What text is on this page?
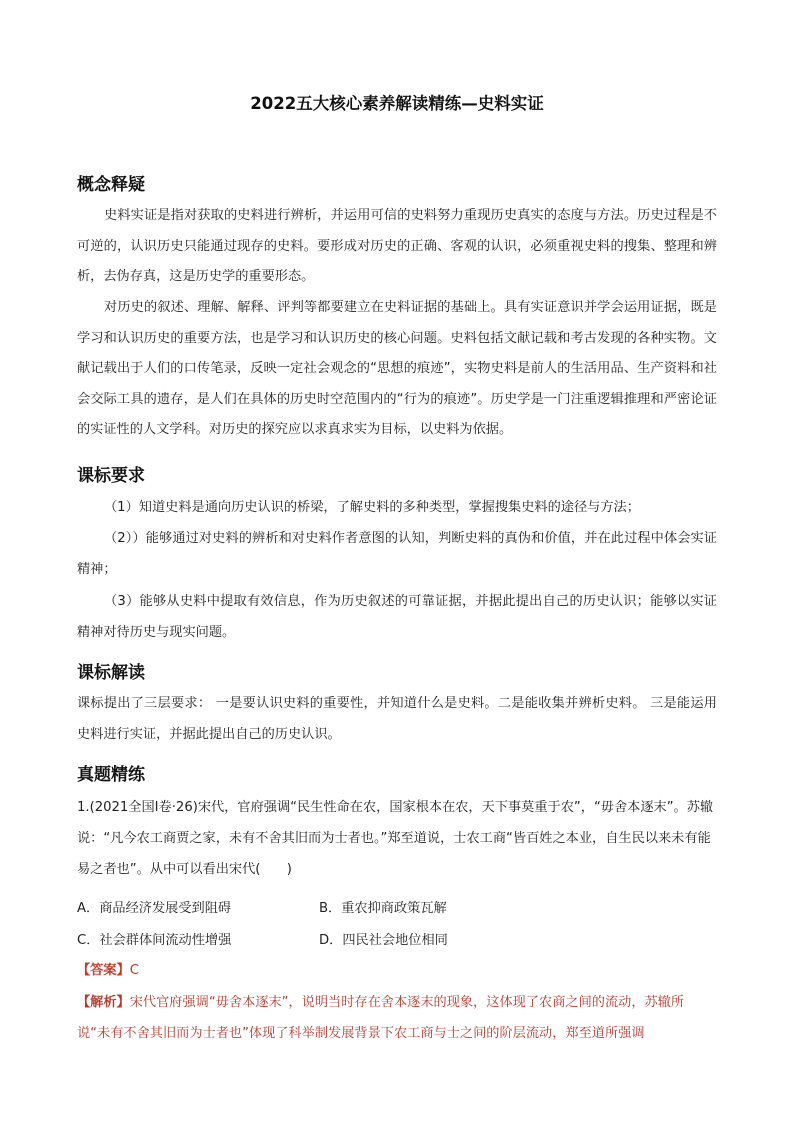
2022五大核心素养解读精练—史料实证
概念释疑

史料实证是指对获取的史料进行辨析，并运用可信的史料努力重现历史真实的态度与方法。历史过程是不可逆的，认识历史只能通过现存的史料。要形成对历史的正确、客观的认识，必须重视史料的搜集、整理和辨析，去伪存真，这是历史学的重要形态。

对历史的叙述、理解、解释、评判等都要建立在史料证据的基础上。具有实证意识并学会运用证据，既是学习和认识历史的重要方法，也是学习和认识历史的核心问题。史料包括文献记载和考古发现的各种实物。文献记载出于人们的口传笔录，反映一定社会观念的“思想的痕迹”，实物史料是前人的生活用品、生产资料和社会交际工具的遗存，是人们在具体的历史时空范围内的“行为的痕迹”。历史学是一门注重逻辑推理和严密论证的实证性的人文学科。对历史的探究应以求真求实为目标，以史料为依据。

课标要求

（1）知道史料是通向历史认识的桥梁，了解史料的多种类型，掌握搜集史料的途径与方法；

（2））能够通过对史料的辨析和对史料作者意图的认知，判断史料的真伪和价值，并在此过程中体会实证精神；

（3）能够从史料中提取有效信息，作为历史叙述的可靠证据，并据此提出自己的历史认识；能够以实证精神对待历史与现实问题。

课标解读

课标提出了三层要求： 一是要认识史料的重要性，并知道什么是史料。二是能收集并辨析史料。 三是能运用史料进行实证，并据此提出自己的历史认识。

真题精练

1.(2021全国Ⅰ卷·26)宋代，官府强调“民生性命在农，国家根本在农，天下事莫重于农”，“毋舍本逐末”。苏辙说：“凡今农工商贾之家，未有不舍其旧而为士者也。”郑至道说，士农工商“皆百姓之本业，自生民以来未有能易之者也”。从中可以看出宋代(　　)

A．商品经济发展受到阻碍	B．重农抑商政策瓦解
C．社会群体间流动性增强	D．四民社会地位相同
【答案】C

【解析】宋代官府强调“毋舍本逐末”，说明当时存在舍本逐末的现象，这体现了农商之间的流动，苏辙所说“未有不舍其旧而为士者也”体现了科举制发展背景下农工商与士之间的阶层流动，郑至道所强调
